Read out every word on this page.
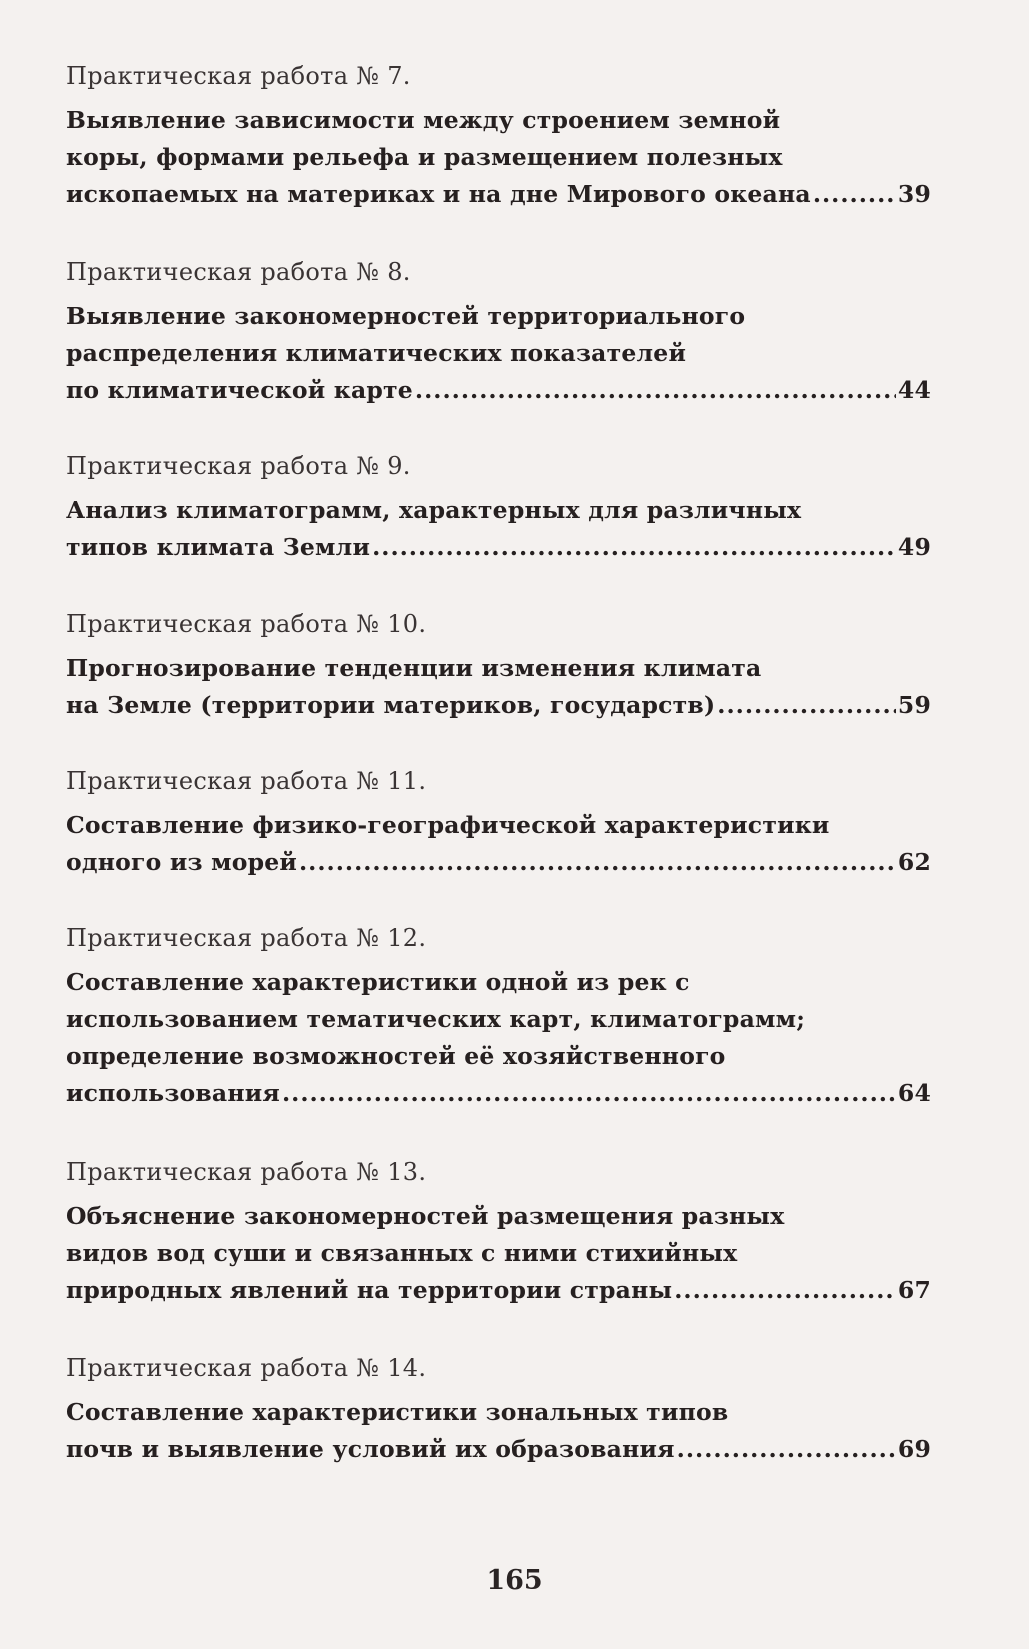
Практическая работа № 7.
Выявление зависимости между строением земной
коры, формами рельефа и размещением полезных
ископаемых на материках и на дне Мирового океана .....	39
Практическая работа № 8.
Выявление закономерностей территориального
распределения климатических показателей
по климатической карте .....	44
Практическая работа № 9.
Анализ климатограмм, характерных для различных
типов климата Земли .....	49
Практическая работа № 10.
Прогнозирование тенденции изменения климата
на Земле (территории материков, государств) .....	59
Практическая работа № 11.
Составление физико-географической характеристики
одного из морей .....	62
Практическая работа № 12.
Составление характеристики одной из рек с
использованием тематических карт, климатограмм;
определение возможностей её хозяйственного
использования .....	64
Практическая работа № 13.
Объяснение закономерностей размещения разных
видов вод суши и связанных с ними стихийных
природных явлений на территории страны .....	67
Практическая работа № 14.
Составление характеристики зональных типов
почв и выявление условий их образования .....	69
165
